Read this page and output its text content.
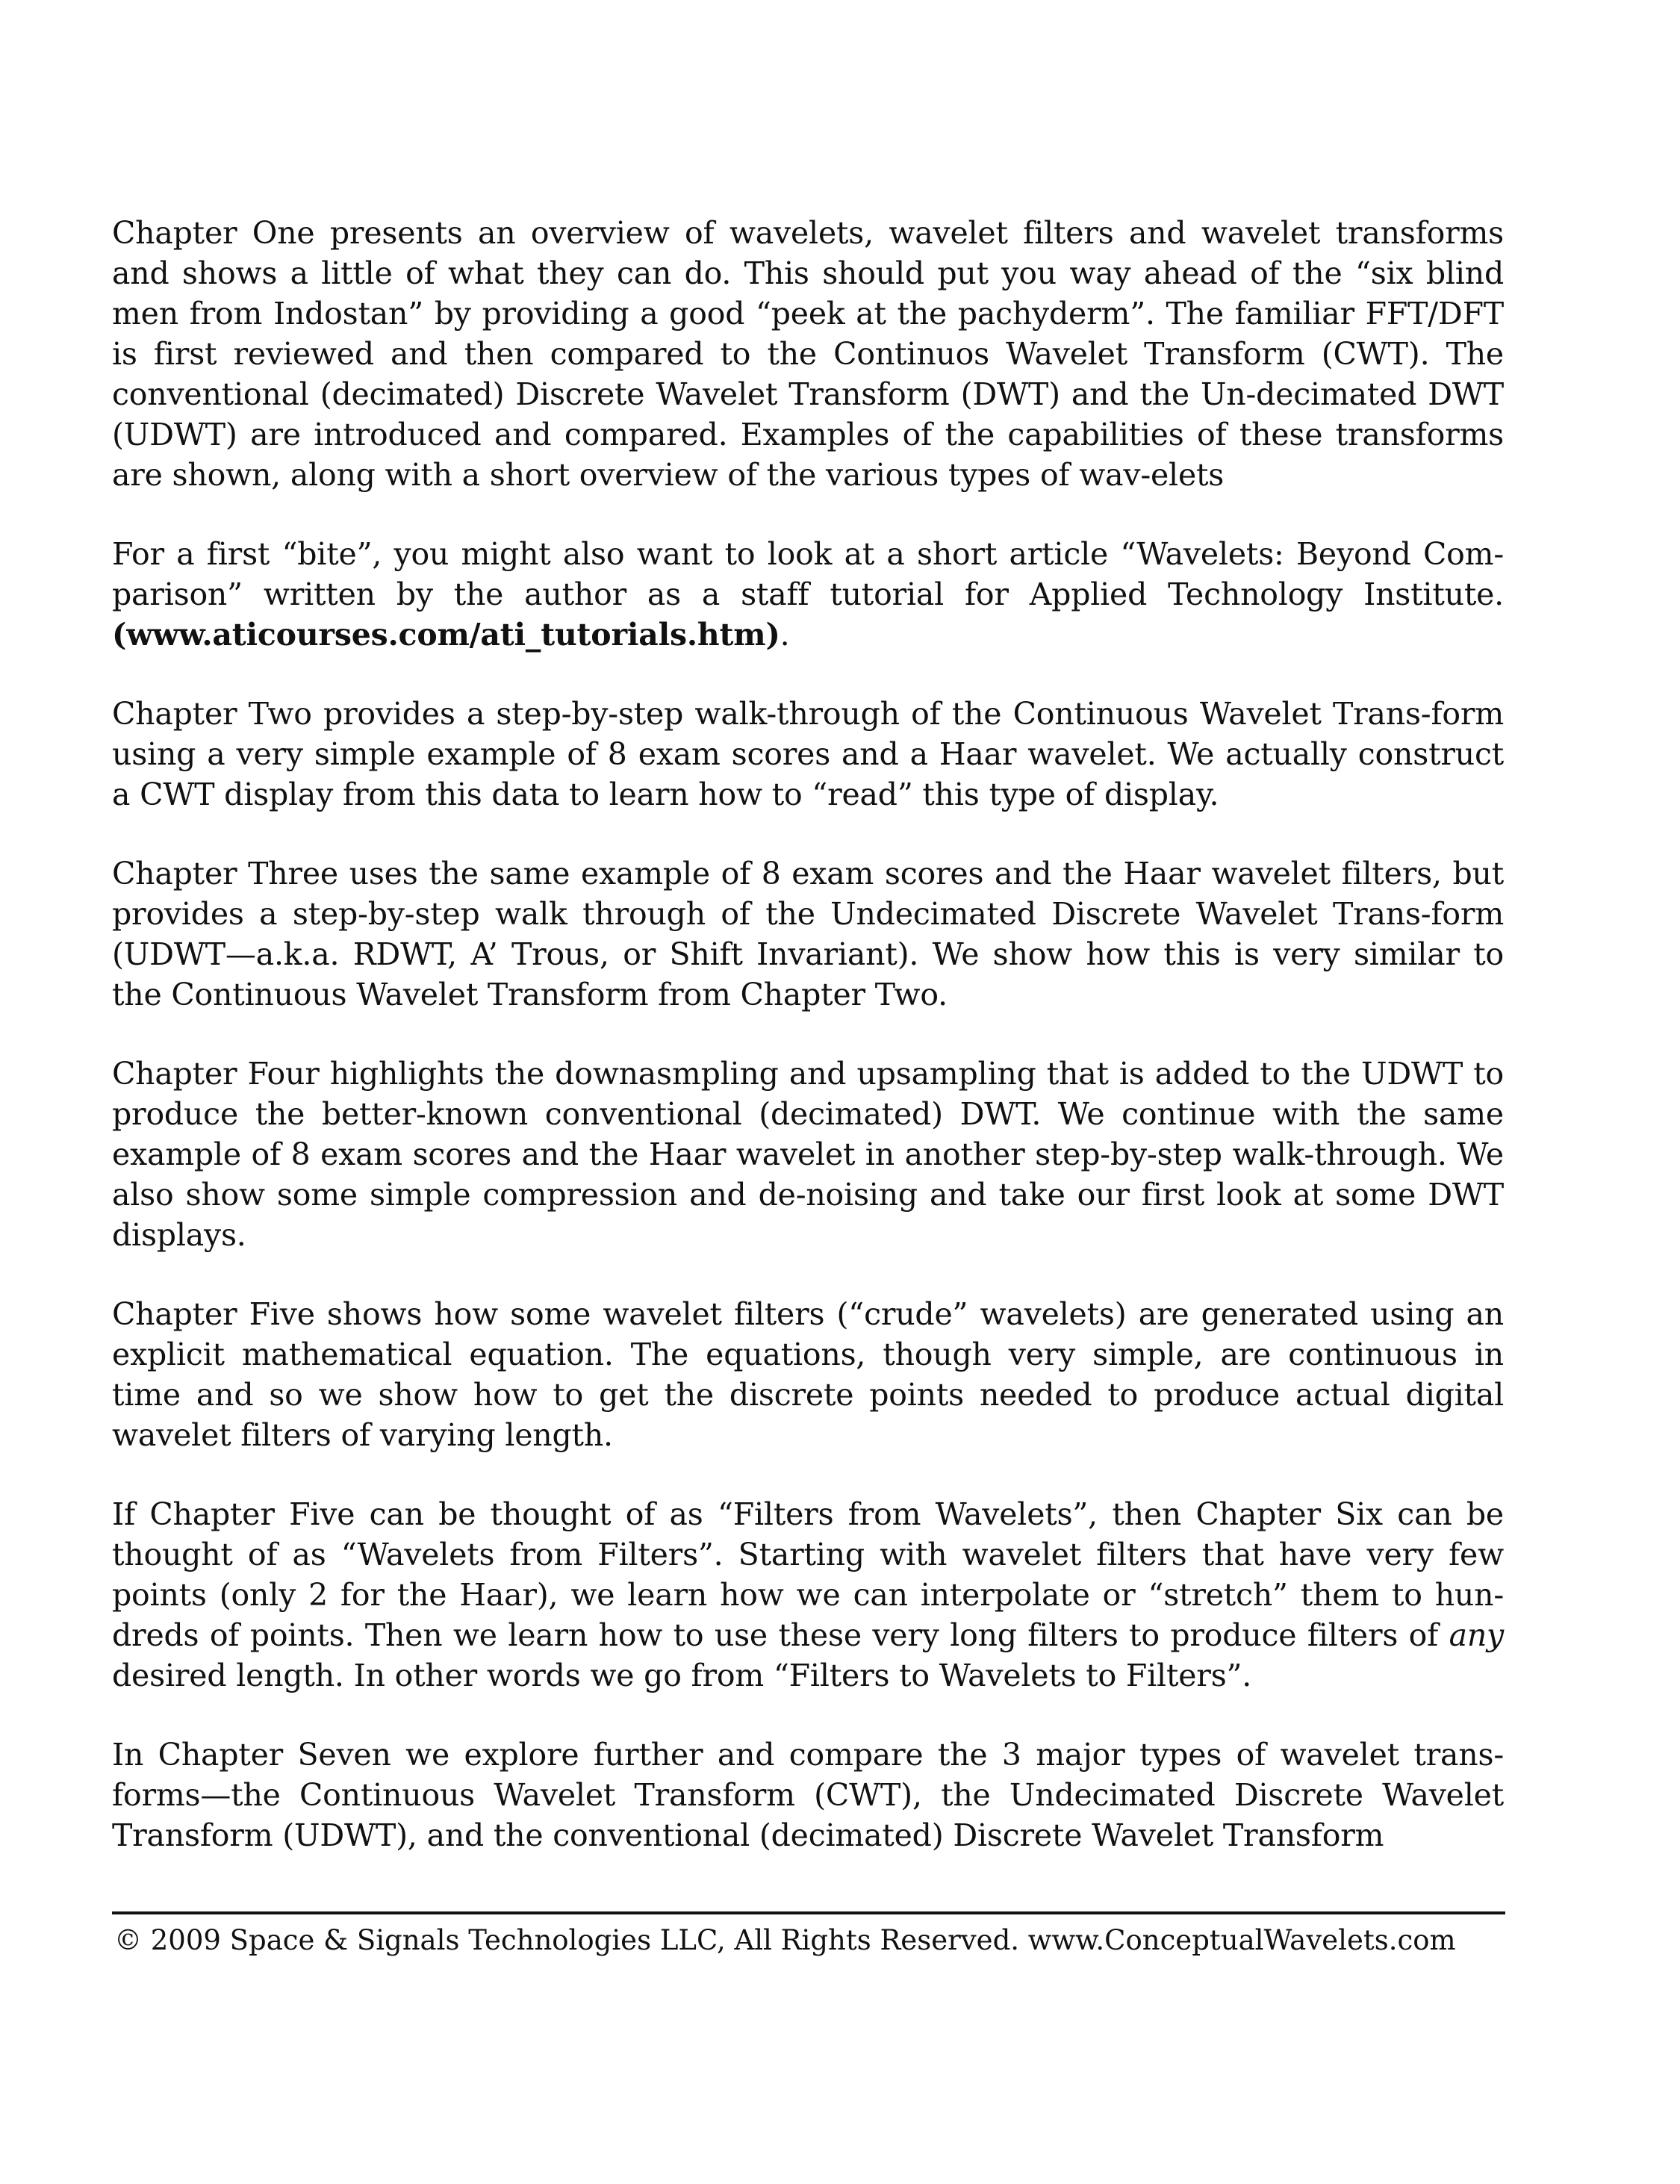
Chapter One presents an overview of wavelets, wavelet filters and wavelet transforms and shows a little of what they can do. This should put you way ahead of the “six blind men from Indostan” by providing a good “peek at the pachyderm”. The familiar FFT/DFT is first reviewed and then compared to the Continuos Wavelet Transform (CWT). The conventional (decimated) Discrete Wavelet Transform (DWT) and the Un-decimated DWT (UDWT) are introduced and compared. Examples of the capabilities of these transforms are shown, along with a short overview of the various types of wav-elets

For a first “bite”, you might also want to look at a short article “Wavelets: Beyond Com-parison” written by the author as a staff tutorial for Applied Technology Institute. (www.aticourses.com/ati_tutorials.htm).

Chapter Two provides a step-by-step walk-through of the Continuous Wavelet Trans-form using a very simple example of 8 exam scores and a Haar wavelet. We actually construct a CWT display from this data to learn how to “read” this type of display.

Chapter Three uses the same example of 8 exam scores and the Haar wavelet filters, but provides a step-by-step walk through of the Undecimated Discrete Wavelet Trans-form (UDWT—a.k.a. RDWT, A’ Trous, or Shift Invariant). We show how this is very similar to the Continuous Wavelet Transform from Chapter Two.

Chapter Four highlights the downasmpling and upsampling that is added to the UDWT to produce the better-known conventional (decimated) DWT. We continue with the same example of 8 exam scores and the Haar wavelet in another step-by-step walk-through. We also show some simple compression and de-noising and take our first look at some DWT displays.

Chapter Five shows how some wavelet filters (“crude” wavelets) are generated using an explicit mathematical equation. The equations, though very simple, are continuous in time and so we show how to get the discrete points needed to produce actual digital wavelet filters of varying length.

If Chapter Five can be thought of as “Filters from Wavelets”, then Chapter Six can be thought of as “Wavelets from Filters”. Starting with wavelet filters that have very few points (only 2 for the Haar), we learn how we can interpolate or “stretch” them to hun-dreds of points. Then we learn how to use these very long filters to produce filters of any desired length. In other words we go from “Filters to Wavelets to Filters”.

In Chapter Seven we explore further and compare the 3 major types of wavelet trans-forms—the Continuous Wavelet Transform (CWT), the Undecimated Discrete Wavelet Transform (UDWT), and the conventional (decimated) Discrete Wavelet Transform

© 2009 Space & Signals Technologies LLC, All Rights Reserved. www.ConceptualWavelets.com
